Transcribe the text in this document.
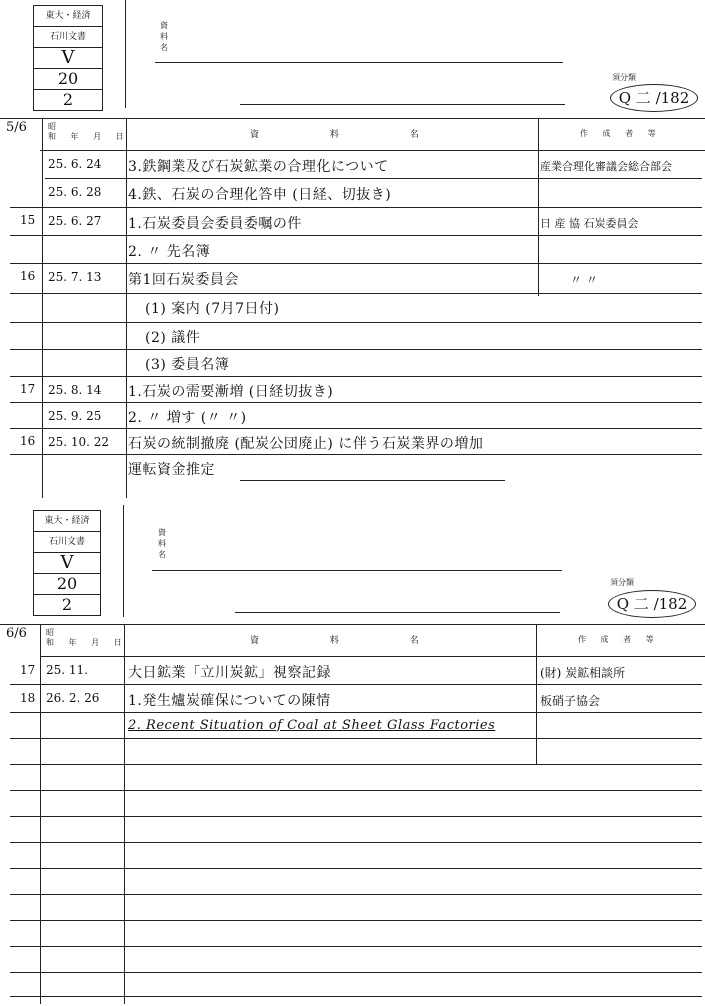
東大・経済
石川文書
V
20
2
資
料
名
須分類
Q 二 /182
5/6	昭
和 年 月 日	資 料 名	作 成 者 等
25. 6. 24 3.鉄鋼業及び石炭鉱業の合理化について	産業合理化審議会総合部会
25. 6. 28 4.鉄、石炭の合理化答申 (日経、切抜き)
15 25. 6. 27 1.石炭委員会委員委嘱の件	日 産 協 石炭委員会
2. 〃 先名簿
16 25. 7. 13 第1回石炭委員会	〃 〃
(1) 案内 (7月7日付)
(2) 議件
(3) 委員名簿
17 25. 8. 14 1.石炭の需要漸増 (日経切抜き)
25. 9. 25 2. 〃 増す (〃 〃)
16 25. 10. 22 石炭の統制撤廃 (配炭公団廃止) に伴う石炭業界の増加
運転資金推定
東大・経済
石川文書
V
20
2
資
料
名
須分類
Q 二 /182
6/6 昭
和 年 月 日	資 料 名	作 成 者 等
17 25. 11.	大日鉱業「立川炭鉱」視察記録	(財) 炭鉱相談所
18 26. 2. 26 1.発生爐炭確保についての陳情	板硝子協会
2. Recent Situation of Coal at Sheet Glass Factories
